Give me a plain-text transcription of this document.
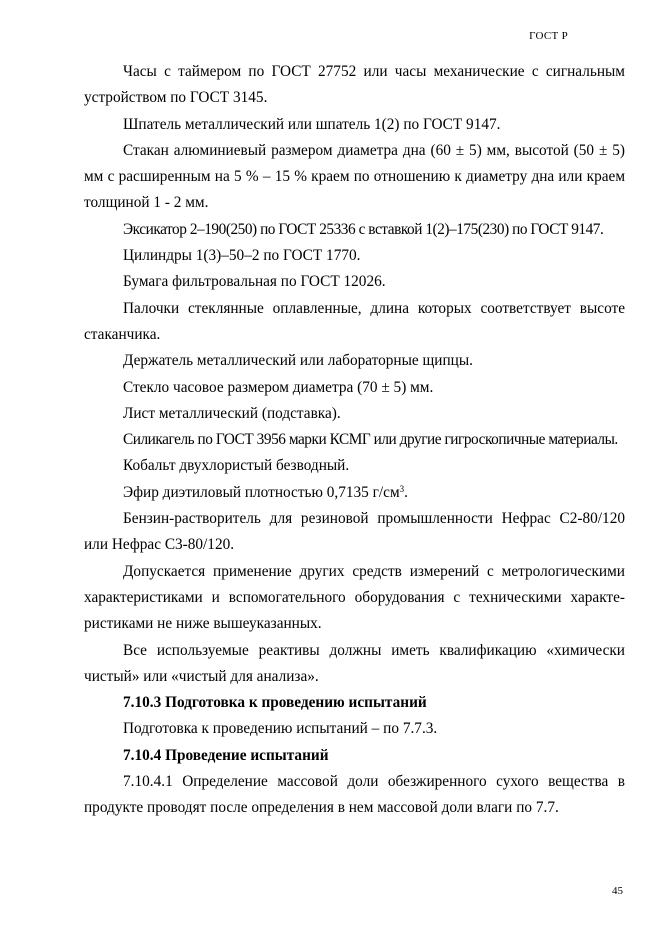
ГОСТ Р

Часы с таймером по ГОСТ 27752 или часы механические с сигнальным устройством по ГОСТ 3145.

Шпатель металлический или шпатель 1(2) по ГОСТ 9147.

Стакан алюминиевый размером диаметра дна (60 ± 5) мм, высотой (50 ± 5) мм с расширенным на 5 % – 15 % краем по отношению к диаметру дна или краем толщиной 1 - 2 мм.

Эксикатор 2–190(250) по ГОСТ 25336 с вставкой 1(2)–175(230) по ГОСТ 9147.

Цилиндры 1(3)–50–2 по ГОСТ 1770.

Бумага фильтровальная по ГОСТ 12026.

Палочки стеклянные оплавленные, длина которых соответствует высоте стаканчика.

Держатель металлический или лабораторные щипцы.

Стекло часовое размером диаметра (70 ± 5) мм.

Лист металлический (подставка).

Силикагель по ГОСТ 3956 марки КСМГ или другие гигроскопичные материалы.

Кобальт двухлористый безводный.

Эфир диэтиловый плотностью 0,7135 $г/см^3$.

Бензин-растворитель для резиновой промышленности Нефрас С2-80/120 или Нефрас С3-80/120.

Допускается применение других средств измерений с метрологическими характеристиками и вспомогательного оборудования с техническими характе-ристиками не ниже вышеуказанных.

Все используемые реактивы должны иметь квалификацию «химически чистый» или «чистый для анализа».

7.10.3 Подготовка к проведению испытаний

Подготовка к проведению испытаний – по 7.7.3.

7.10.4 Проведение испытаний

7.10.4.1 Определение массовой доли обезжиренного сухого вещества в продукте проводят после определения в нем массовой доли влаги по 7.7.

45
